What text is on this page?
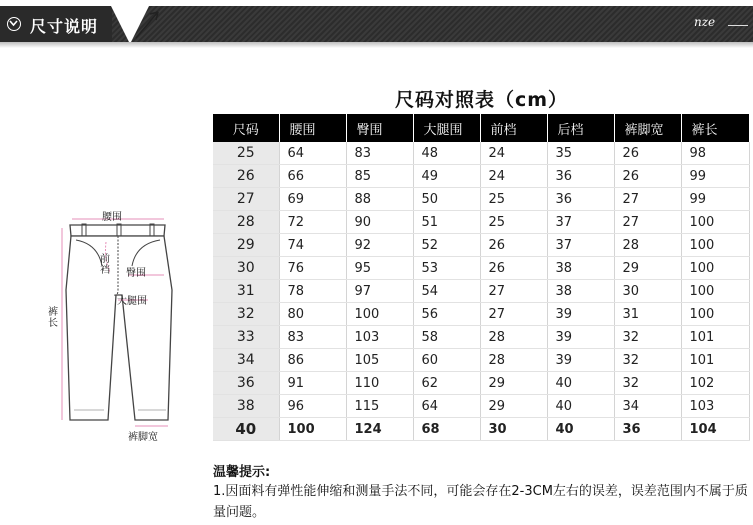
尺寸说明	nze
腰围
前
裆 臀围
大腿围
裤
长
裤脚宽
尺码对照表（cm）
尺码	腰围	臀围	大腿围	前档	后档	裤脚宽	裤长
25	64	83	48	24	35	26	98
26	66	85	49	24	36	26	99
27	69	88	50	25	36	27	99
28	72	90	51	25	37	27	100
29	74	92	52	26	37	28	100
30	76	95	53	26	38	29	100
31	78	97	54	27	38	30	100
32	80	100	56	27	39	31	100
33	83	103	58	28	39	32	101
34	86	105	60	28	39	32	101
36	91	110	62	29	40	32	102
38	96	115	64	29	40	34	103
40	100	124	68	30	40	36	104
温馨提示:
1.因面料有弹性能伸缩和测量手法不同，可能会存在2-3CM左右的误差，误差范围内不属于质量问题。
